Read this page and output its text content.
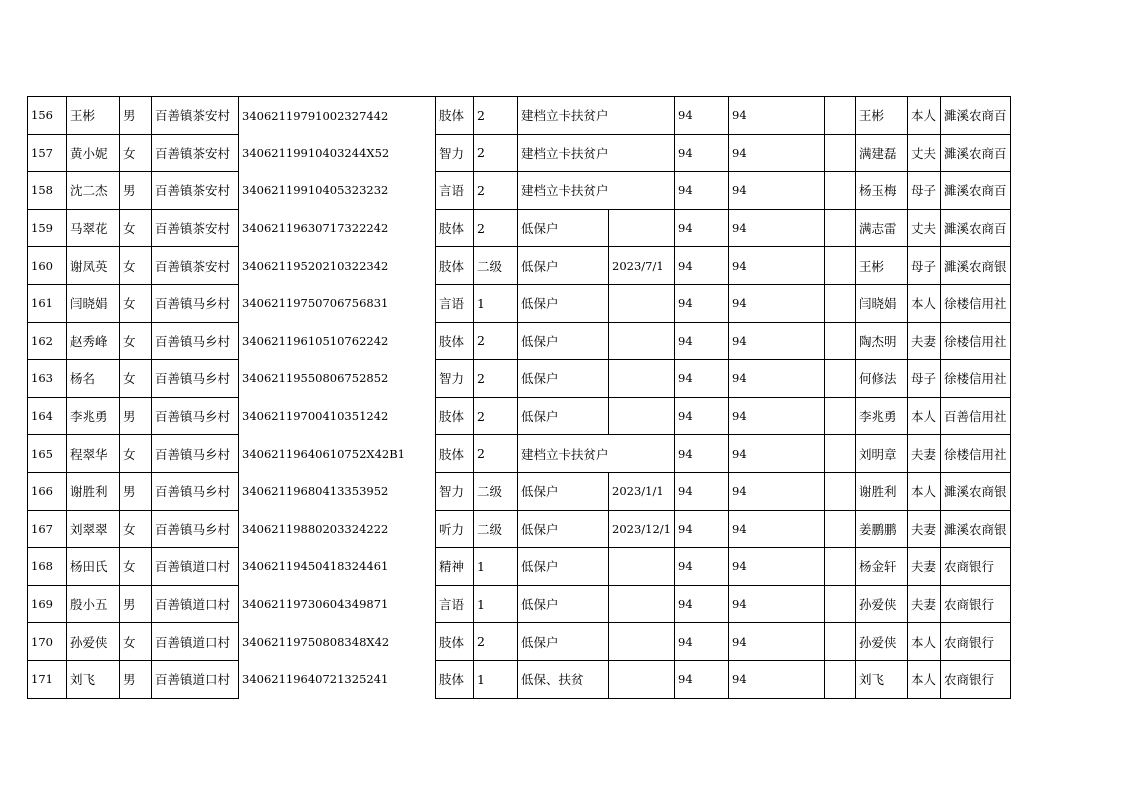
156	王彬	男	百善镇茶安村	34062119791002327442	肢体	2	建档立卡扶贫户		94	94		王彬	本人	濉溪农商百
157	黄小妮	女	百善镇茶安村	340621199104032​44X52	智力	2	建档立卡扶贫户		94	94		满建磊	丈夫	濉溪农商百
158	沈二杰	男	百善镇茶安村	34062119910405323232	言语	2	建档立卡扶贫户		94	94		杨玉梅	母子	濉溪农商百
159	马翠花	女	百善镇茶安村	34062119630717322242	肢体	2	低保户		94	94		满志雷	丈夫	濉溪农商百
160	谢凤英	女	百善镇茶安村	34062119520210322342	肢体	二级	低保户	2023/7/1	94	94		王彬	母子	濉溪农商银
161	闫晓娟	女	百善镇马乡村	34062119750706756831	言语	1	低保户		94	94		闫晓娟	本人	徐楼信用社
162	赵秀峰	女	百善镇马乡村	34062119610510762242	肢体	2	低保户		94	94		陶杰明	夫妻	徐楼信用社
163	杨名	女	百善镇马乡村	34062119550806752852	智力	2	低保户		94	94		何修法	母子	徐楼信用社
164	李兆勇	男	百善镇马乡村	34062119700410351242	肢体	2	低保户		94	94		李兆勇	本人	百善信用社
165	程翠华	女	百善镇马乡村	34062119640610752X42B1	肢体	2	建档立卡扶贫户		94	94		刘明章	夫妻	徐楼信用社
166	谢胜利	男	百善镇马乡村	34062119680413353952	智力	二级	低保户	2023/1/1	94	94		谢胜利	本人	濉溪农商银
167	刘翠翠	女	百善镇马乡村	34062119880203324222	听力	二级	低保户	2023/12/1	94	94		姜鹏鹏	夫妻	濉溪农商银
168	杨田氏	女	百善镇道口村	34062119450418324461	精神	1	低保户		94	94		杨金轩	夫妻	农商银行
169	殷小五	男	百善镇道口村	34062119730604349871	言语	1	低保户		94	94		孙爱侠	夫妻	农商银行
170	孙爱侠	女	百善镇道口村	340621197508083​48X42	肢体	2	低保户		94	94		孙爱侠	本人	农商银行
171	刘飞	男	百善镇道口村	34062119640721325241	肢体	1	低保、扶贫		94	94		刘飞	本人	农商银行
